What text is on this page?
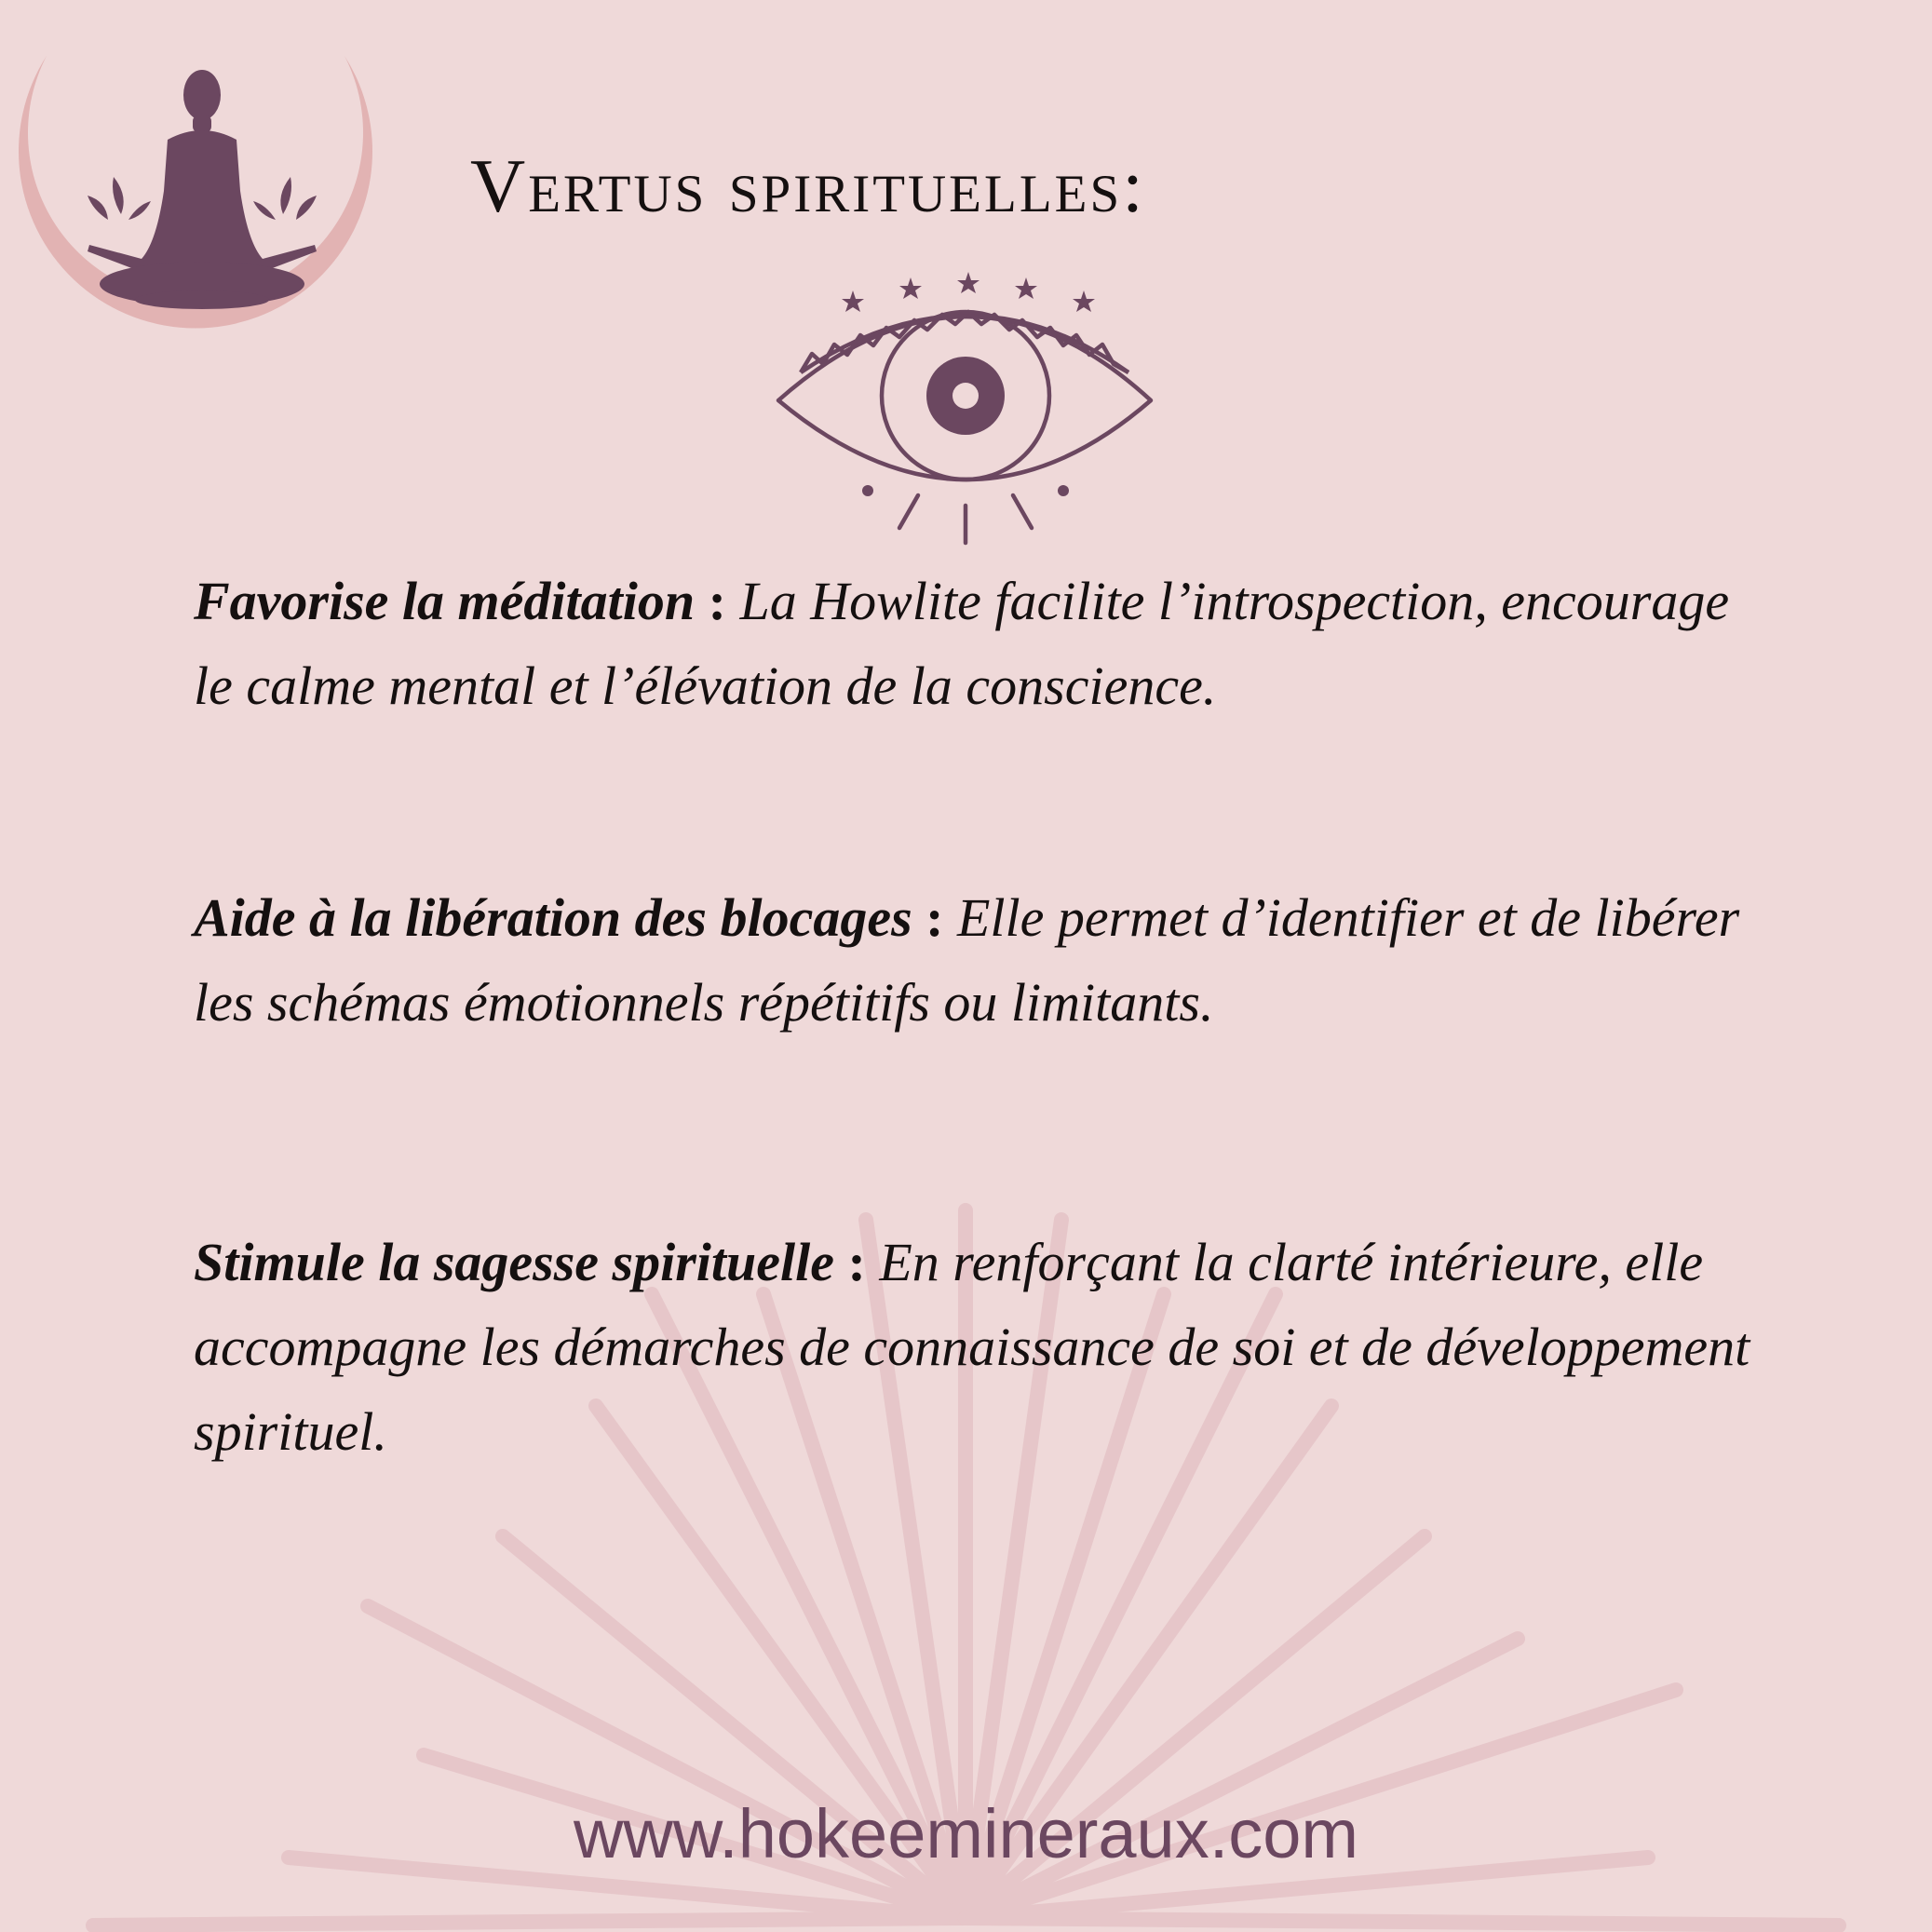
Vertus spirituelles:

Favorise la méditation : La Howlite facilite l’introspection, encourage le calme mental et l’élévation de la conscience.

Aide à la libération des blocages : Elle permet d’identifier et de libérer les schémas émotionnels répétitifs ou limitants.

Stimule la sagesse spirituelle : En renforçant la clarté intérieure, elle accompagne les démarches de connaissance de soi et de développement spirituel.

www.hokeemineraux.com
